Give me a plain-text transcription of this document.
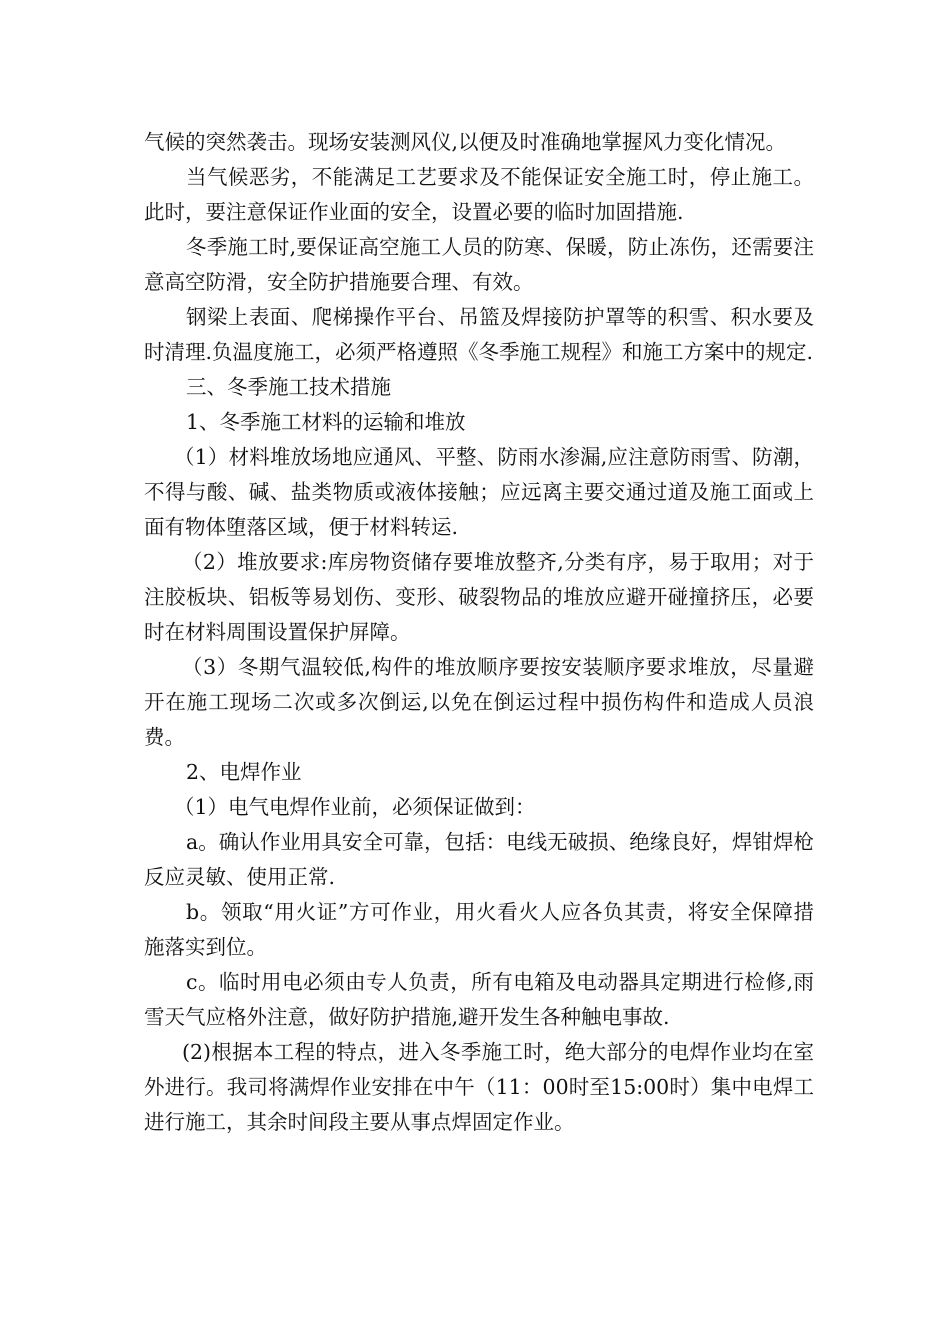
气候的突然袭击。现场安装测风仪,以便及时准确地掌握风力变化情况。

当气候恶劣，不能满足工艺要求及不能保证安全施工时，停止施工。此时，要注意保证作业面的安全，设置必要的临时加固措施.

冬季施工时,要保证高空施工人员的防寒、保暖，防止冻伤，还需要注意高空防滑，安全防护措施要合理、有效。

钢梁上表面、爬梯操作平台、吊篮及焊接防护罩等的积雪、积水要及时清理.负温度施工，必须严格遵照《冬季施工规程》和施工方案中的规定.

三、冬季施工技术措施

1、冬季施工材料的运输和堆放

（1）材料堆放场地应通风、平整、防雨水渗漏,应注意防雨雪、防潮，不得与酸、碱、盐类物质或液体接触；应远离主要交通过道及施工面或上面有物体堕落区域，便于材料转运.

（2）堆放要求:库房物资储存要堆放整齐,分类有序，易于取用；对于注胶板块、铝板等易划伤、变形、破裂物品的堆放应避开碰撞挤压，必要时在材料周围设置保护屏障。

（3）冬期气温较低,构件的堆放顺序要按安装顺序要求堆放，尽量避开在施工现场二次或多次倒运,以免在倒运过程中损伤构件和造成人员浪费。

2、电焊作业

（1）电气电焊作业前，必须保证做到：

a。确认作业用具安全可靠，包括：电线无破损、绝缘良好，焊钳焊枪反应灵敏、使用正常.

b。领取“用火证”方可作业，用火看火人应各负其责，将安全保障措施落实到位。

c。临时用电必须由专人负责，所有电箱及电动器具定期进行检修,雨雪天气应格外注意，做好防护措施,避开发生各种触电事故.

(2)根据本工程的特点，进入冬季施工时，绝大部分的电焊作业均在室外进行。我司将满焊作业安排在中午（11：00时至15:00时）集中电焊工进行施工，其余时间段主要从事点焊固定作业。
